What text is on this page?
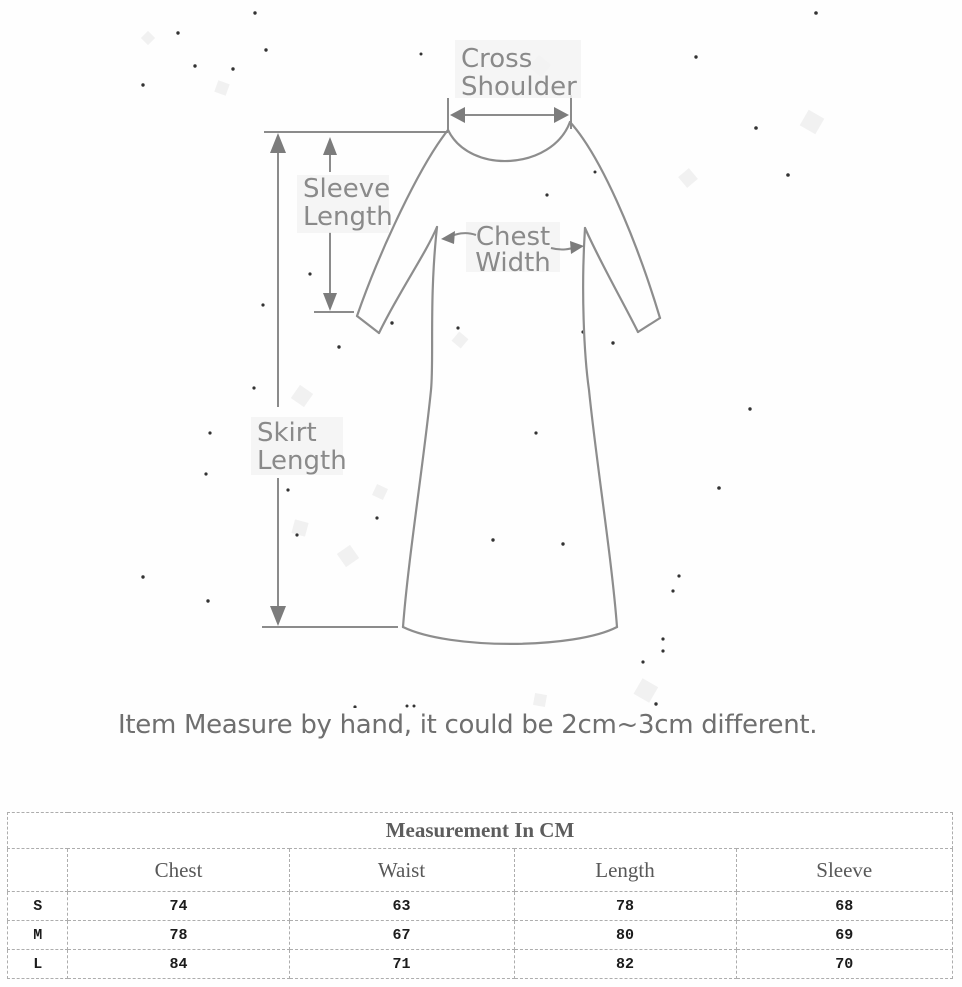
Cross
Shoulder
Sleeve
Length
Chest
Width
Skirt
Length
Item Measure by hand, it could be 2cm~3cm different.
Measurement In CM				
	Chest	Waist	Length	Sleeve
S	74	63	78	68
M	78	67	80	69
L	84	71	82	70
